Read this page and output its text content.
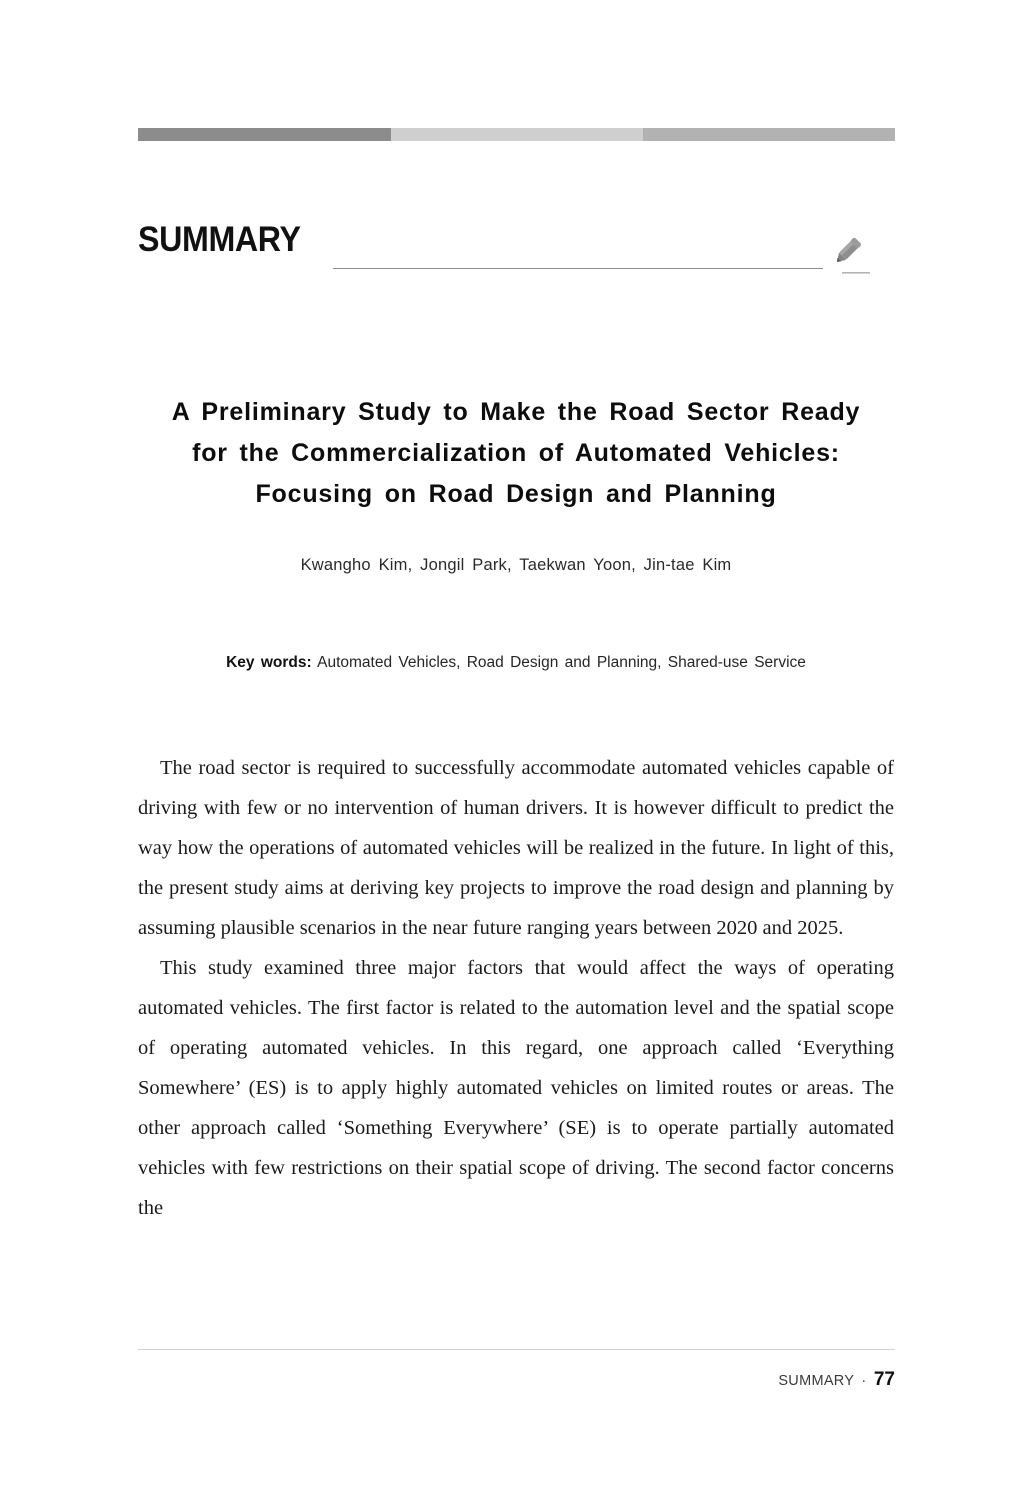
SUMMARY
A Preliminary Study to Make the Road Sector Ready
for the Commercialization of Automated Vehicles:
Focusing on Road Design and Planning
Kwangho Kim, Jongil Park, Taekwan Yoon, Jin-tae Kim
Key words: Automated Vehicles, Road Design and Planning, Shared-use Service

The road sector is required to successfully accommodate automated vehicles capable of driving with few or no intervention of human drivers. It is however difficult to predict the way how the operations of automated vehicles will be realized in the future. In light of this, the present study aims at deriving key projects to improve the road design and planning by assuming plausible scenarios in the near future ranging years between 2020 and 2025.

This study examined three major factors that would affect the ways of operating automated vehicles. The first factor is related to the automation level and the spatial scope of operating automated vehicles. In this regard, one approach called ‘Everything Somewhere’ (ES) is to apply highly automated vehicles on limited routes or areas. The other approach called ‘Something Everywhere’ (SE) is to operate partially automated vehicles with few restrictions on their spatial scope of driving. The second factor concerns the

SUMMARY · 77
